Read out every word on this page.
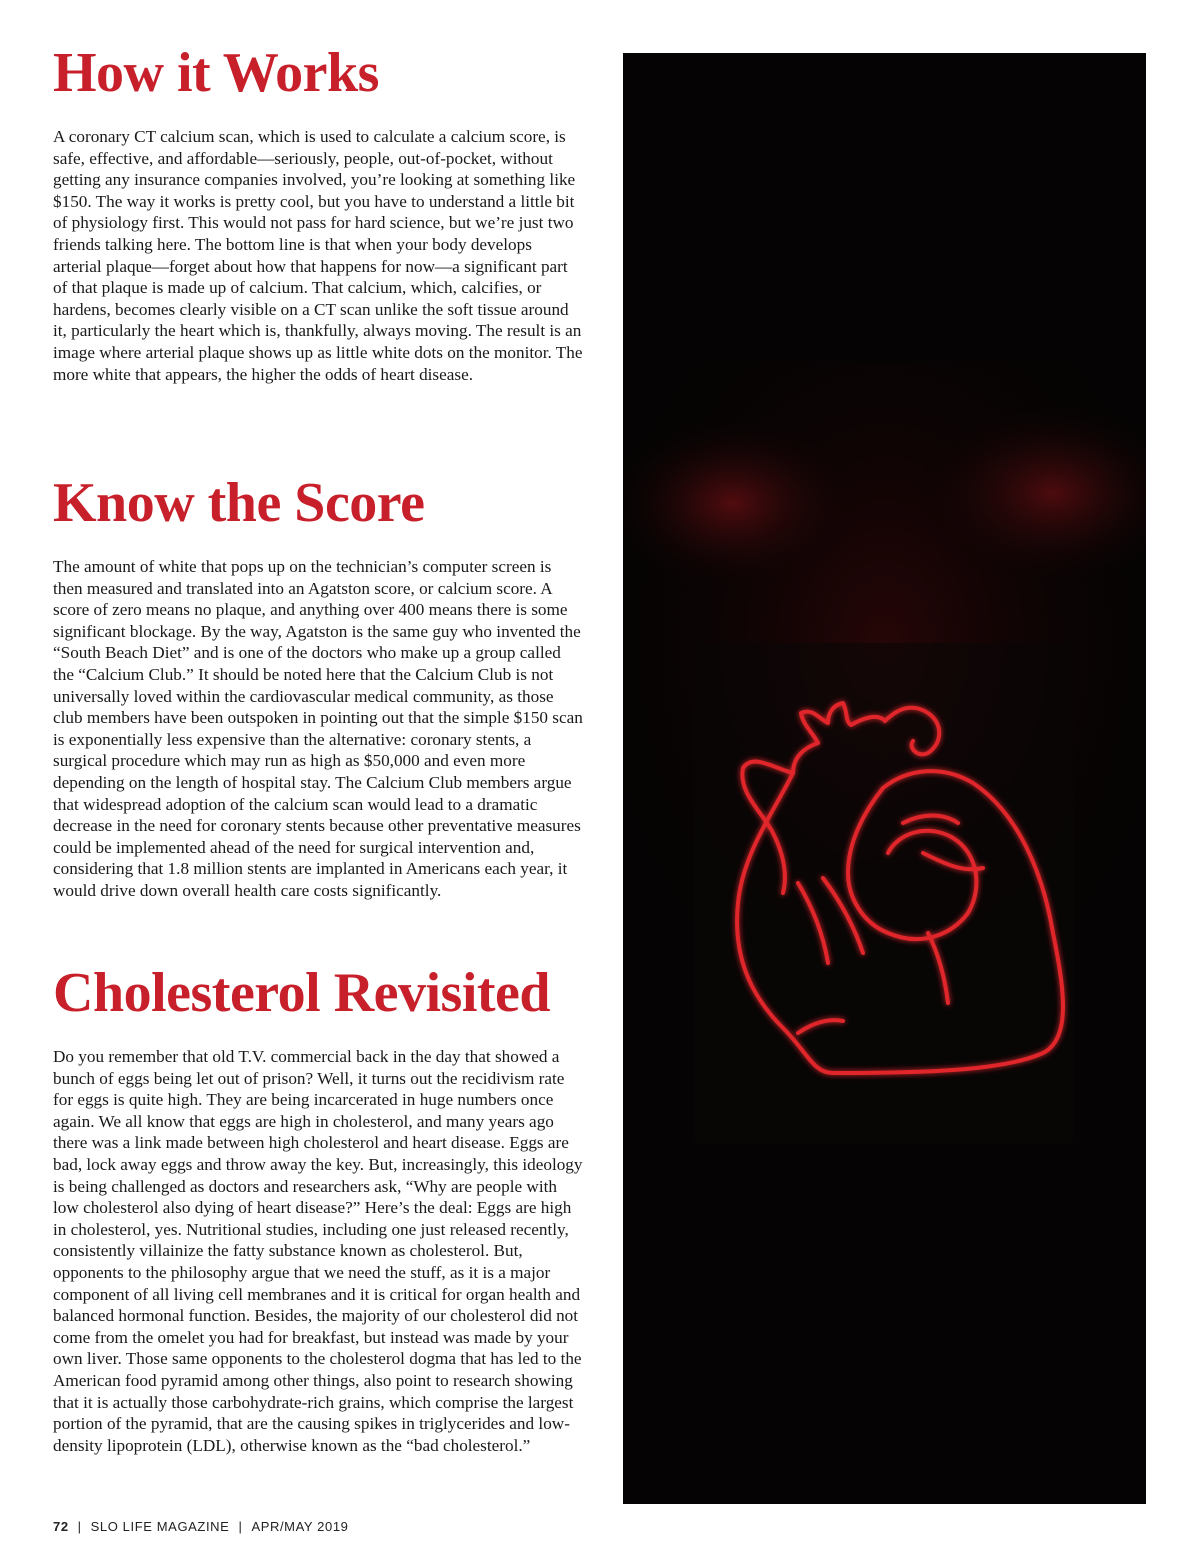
How it Works

A coronary CT calcium scan, which is used to calculate a calcium score, is safe, effective, and affordable—seriously, people, out-of-pocket, without getting any insurance companies involved, you’re looking at something like $150. The way it works is pretty cool, but you have to understand a little bit of physiology first. This would not pass for hard science, but we’re just two friends talking here. The bottom line is that when your body develops arterial plaque—forget about how that happens for now—a significant part of that plaque is made up of calcium. That calcium, which, calcifies, or hardens, becomes clearly visible on a CT scan unlike the soft tissue around it, particularly the heart which is, thankfully, always moving. The result is an image where arterial plaque shows up as little white dots on the monitor. The more white that appears, the higher the odds of heart disease.

Know the Score

The amount of white that pops up on the technician’s computer screen is then measured and translated into an Agatston score, or calcium score. A score of zero means no plaque, and anything over 400 means there is some significant blockage. By the way, Agatston is the same guy who invented the “South Beach Diet” and is one of the doctors who make up a group called the “Calcium Club.” It should be noted here that the Calcium Club is not universally loved within the cardiovascular medical community, as those club members have been outspoken in pointing out that the simple $150 scan is exponentially less expensive than the alternative: coronary stents, a surgical procedure which may run as high as $50,000 and even more depending on the length of hospital stay. The Calcium Club members argue that widespread adoption of the calcium scan would lead to a dramatic decrease in the need for coronary stents because other preventative measures could be implemented ahead of the need for surgical intervention and, considering that 1.8 million stents are implanted in Americans each year, it would drive down overall health care costs significantly.

Cholesterol Revisited

Do you remember that old T.V. commercial back in the day that showed a bunch of eggs being let out of prison? Well, it turns out the recidivism rate for eggs is quite high. They are being incarcerated in huge numbers once again. We all know that eggs are high in cholesterol, and many years ago there was a link made between high cholesterol and heart disease. Eggs are bad, lock away eggs and throw away the key. But, increasingly, this ideology is being challenged as doctors and researchers ask, “Why are people with low cholesterol also dying of heart disease?” Here’s the deal: Eggs are high in cholesterol, yes. Nutritional studies, including one just released recently, consistently villainize the fatty substance known as cholesterol. But, opponents to the philosophy argue that we need the stuff, as it is a major component of all living cell membranes and it is critical for organ health and balanced hormonal function. Besides, the majority of our cholesterol did not come from the omelet you had for breakfast, but instead was made by your own liver. Those same opponents to the cholesterol dogma that has led to the American food pyramid among other things, also point to research showing that it is actually those carbohydrate-rich grains, which comprise the largest portion of the pyramid, that are the causing spikes in triglycerides and low-density lipoprotein (LDL), otherwise known as the “bad cholesterol.”

72 | SLO LIFE MAGAZINE | APR/MAY 2019
